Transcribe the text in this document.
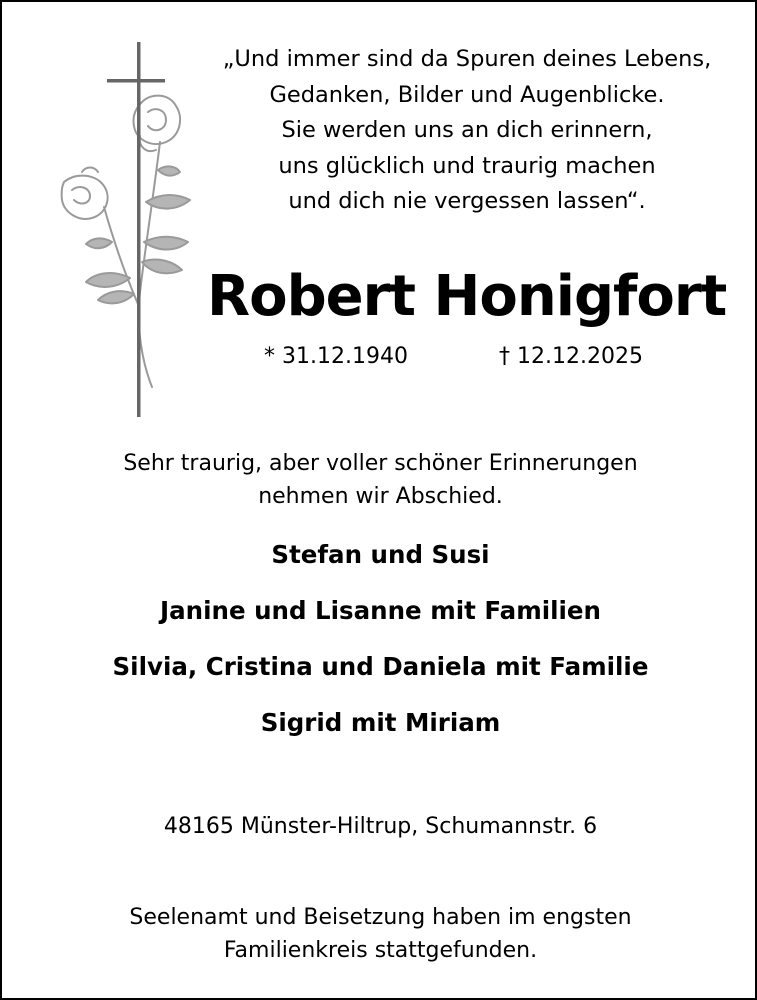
„Und immer sind da Spuren deines Lebens,
Gedanken, Bilder und Augenblicke.
Sie werden uns an dich erinnern,
uns glücklich und traurig machen
und dich nie vergessen lassen“.
Robert Honigfort
* 31.12.1940	† 12.12.2025
Sehr traurig, aber voller schöner Erinnerungen
nehmen wir Abschied.
Stefan und Susi
Janine und Lisanne mit Familien
Silvia, Cristina und Daniela mit Familie
Sigrid mit Miriam
48165 Münster-Hiltrup, Schumannstr. 6
Seelenamt und Beisetzung haben im engsten
Familienkreis stattgefunden.
